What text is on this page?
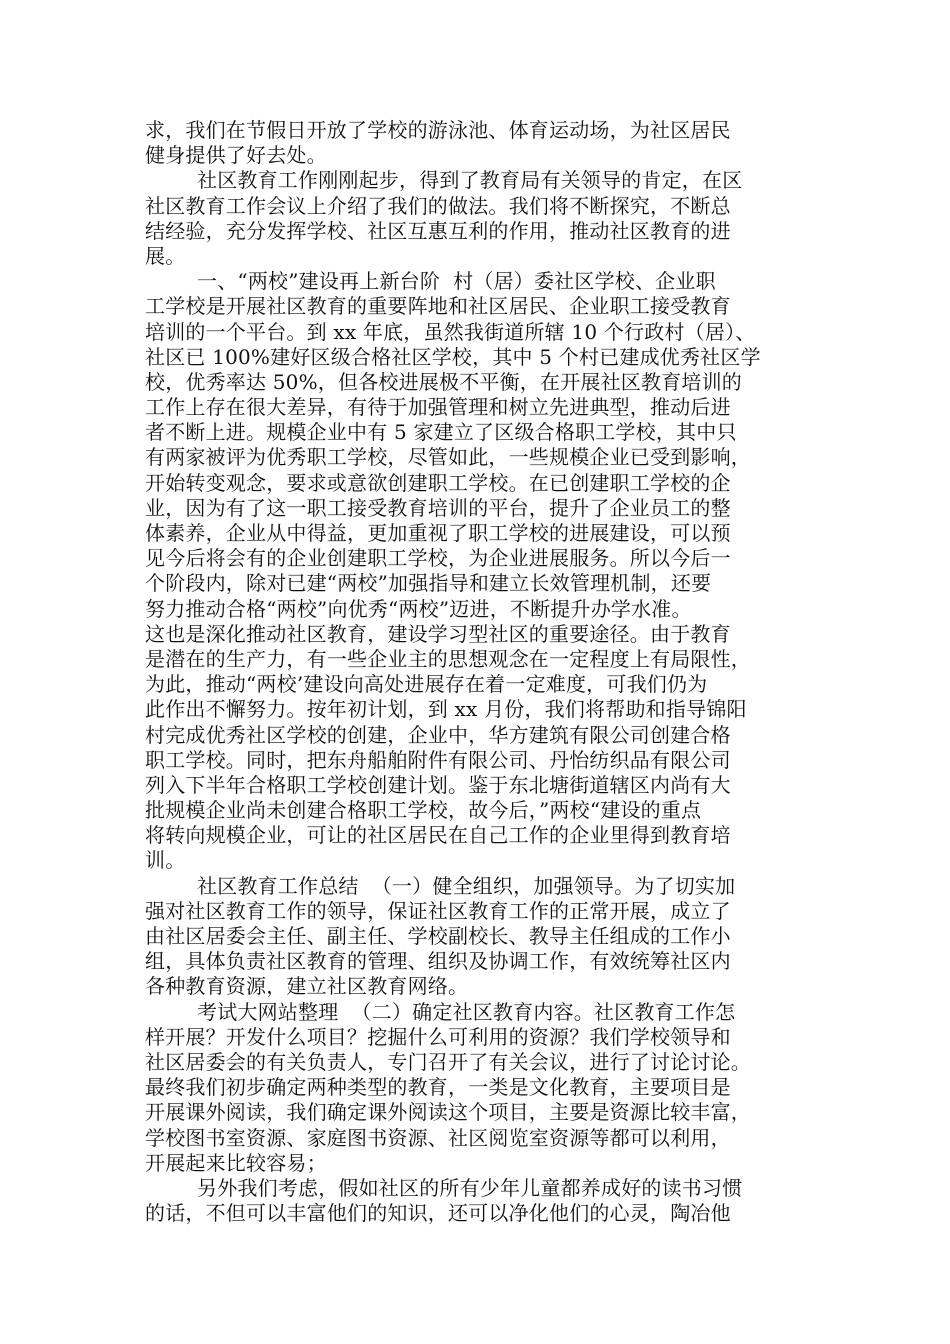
求，我们在节假日开放了学校的游泳池、体育运动场，为社区居民
健身提供了好去处。
社区教育工作刚刚起步，得到了教育局有关领导的肯定，在区
社区教育工作会议上介绍了我们的做法。我们将不断探究，不断总
结经验，充分发挥学校、社区互惠互利的作用，推动社区教育的进
展。
一、“两校”建设再上新台阶  村（居）委社区学校、企业职
工学校是开展社区教育的重要阵地和社区居民、企业职工接受教育
培训的一个平台。到 xx 年底，虽然我街道所辖 10 个行政村（居）、
社区已 100%建好区级合格社区学校，其中 5 个村已建成优秀社区学
校，优秀率达 50%，但各校进展极不平衡，在开展社区教育培训的
工作上存在很大差异，有待于加强管理和树立先进典型，推动后进
者不断上进。规模企业中有 5 家建立了区级合格职工学校，其中只
有两家被评为优秀职工学校，尽管如此，一些规模企业已受到影响，
开始转变观念，要求或意欲创建职工学校。在已创建职工学校的企
业，因为有了这一职工接受教育培训的平台，提升了企业员工的整
体素养，企业从中得益，更加重视了职工学校的进展建设，可以预
见今后将会有的企业创建职工学校，为企业进展服务。所以今后一
个阶段内，除对已建“两校”加强指导和建立长效管理机制，还要
努力推动合格“两校”向优秀“两校”迈进，不断提升办学水准。
这也是深化推动社区教育，建设学习型社区的重要途径。由于教育
是潜在的生产力，有一些企业主的思想观念在一定程度上有局限性，
为此，推动“两校’建设向高处进展存在着一定难度，可我们仍为
此作出不懈努力。按年初计划，到 xx 月份，我们将帮助和指导锦阳
村完成优秀社区学校的创建，企业中，华方建筑有限公司创建合格
职工学校。同时，把东舟船舶附件有限公司、丹怡纺织品有限公司
列入下半年合格职工学校创建计划。鉴于东北塘街道辖区内尚有大
批规模企业尚未创建合格职工学校，故今后，”两校“建设的重点
将转向规模企业，可让的社区居民在自己工作的企业里得到教育培
训。
社区教育工作总结  （一）健全组织，加强领导。为了切实加
强对社区教育工作的领导，保证社区教育工作的正常开展，成立了
由社区居委会主任、副主任、学校副校长、教导主任组成的工作小
组，具体负责社区教育的管理、组织及协调工作，有效统筹社区内
各种教育资源，建立社区教育网络。
考试大网站整理  （二）确定社区教育内容。社区教育工作怎
样开展？开发什么项目？挖掘什么可利用的资源？我们学校领导和
社区居委会的有关负责人，专门召开了有关会议，进行了讨论讨论。
最终我们初步确定两种类型的教育，一类是文化教育，主要项目是
开展课外阅读，我们确定课外阅读这个项目，主要是资源比较丰富，
学校图书室资源、家庭图书资源、社区阅览室资源等都可以利用，
开展起来比较容易；
另外我们考虑，假如社区的所有少年儿童都养成好的读书习惯
的话，不但可以丰富他们的知识，还可以净化他们的心灵，陶冶他
